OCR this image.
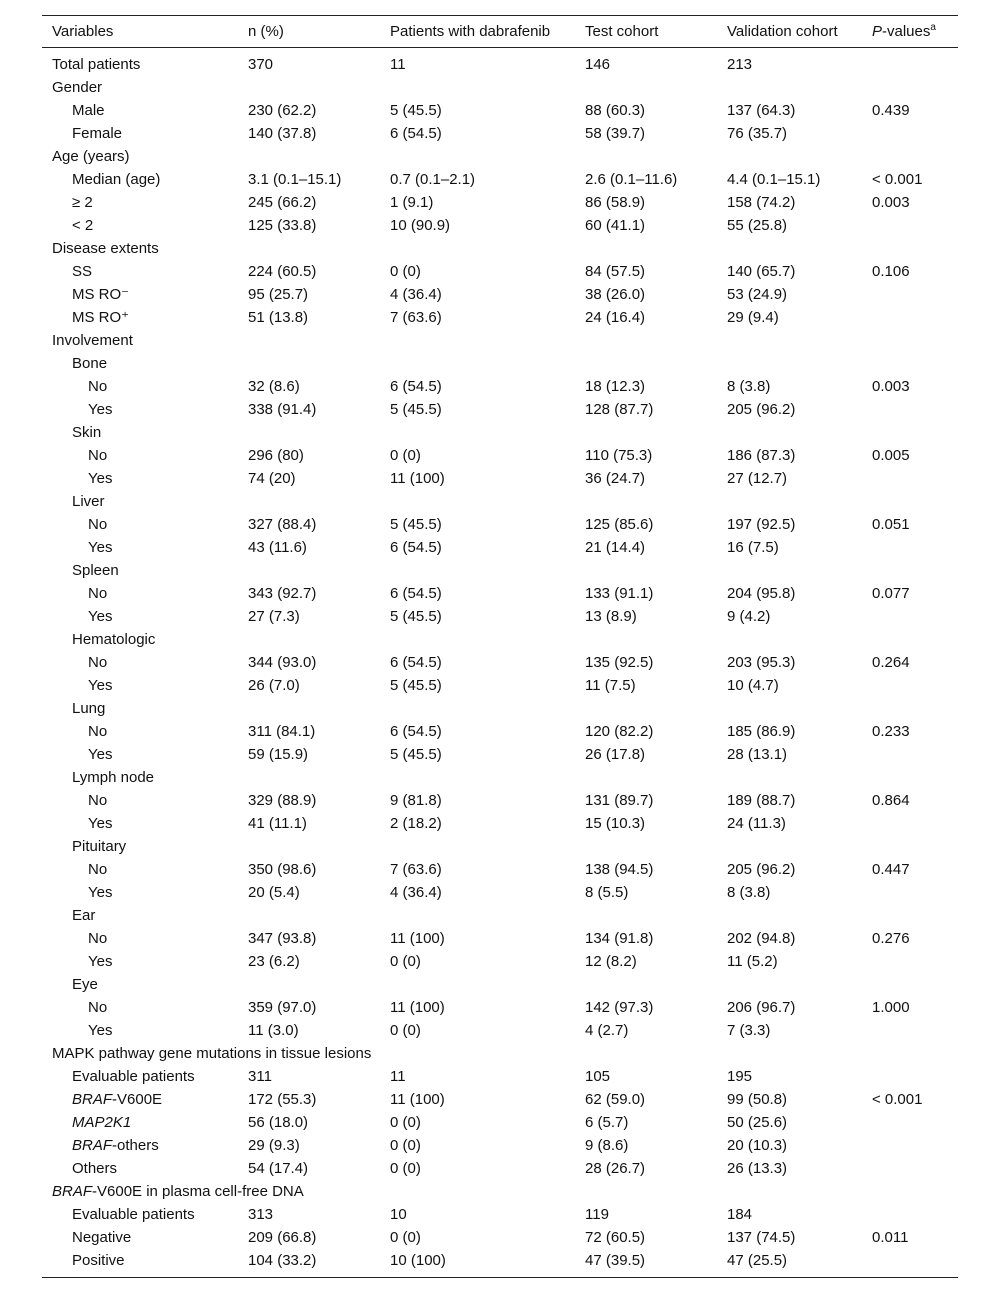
Variables	n (%)	Patients with dabrafenib	Test cohort	Validation cohort	P-values$^a$
Total patients	370	11	146	213	
Gender					
Male	230 (62.2)	5 (45.5)	88 (60.3)	137 (64.3)	0.439
Female	140 (37.8)	6 (54.5)	58 (39.7)	76 (35.7)	
Age (years)					
Median (age)	3.1 (0.1–15.1)	0.7 (0.1–2.1)	2.6 (0.1–11.6)	4.4 (0.1–15.1)	< 0.001
≥ 2	245 (66.2)	1 (9.1)	86 (58.9)	158 (74.2)	0.003
< 2	125 (33.8)	10 (90.9)	60 (41.1)	55 (25.8)	
Disease extents					
SS	224 (60.5)	0 (0)	84 (57.5)	140 (65.7)	0.106
MS RO⁻	95 (25.7)	4 (36.4)	38 (26.0)	53 (24.9)	
MS RO⁺	51 (13.8)	7 (63.6)	24 (16.4)	29 (9.4)	
Involvement					
Bone					
No	32 (8.6)	6 (54.5)	18 (12.3)	8 (3.8)	0.003
Yes	338 (91.4)	5 (45.5)	128 (87.7)	205 (96.2)	
Skin					
No	296 (80)	0 (0)	110 (75.3)	186 (87.3)	0.005
Yes	74 (20)	11 (100)	36 (24.7)	27 (12.7)	
Liver					
No	327 (88.4)	5 (45.5)	125 (85.6)	197 (92.5)	0.051
Yes	43 (11.6)	6 (54.5)	21 (14.4)	16 (7.5)	
Spleen					
No	343 (92.7)	6 (54.5)	133 (91.1)	204 (95.8)	0.077
Yes	27 (7.3)	5 (45.5)	13 (8.9)	9 (4.2)	
Hematologic					
No	344 (93.0)	6 (54.5)	135 (92.5)	203 (95.3)	0.264
Yes	26 (7.0)	5 (45.5)	11 (7.5)	10 (4.7)	
Lung					
No	311 (84.1)	6 (54.5)	120 (82.2)	185 (86.9)	0.233
Yes	59 (15.9)	5 (45.5)	26 (17.8)	28 (13.1)	
Lymph node					
No	329 (88.9)	9 (81.8)	131 (89.7)	189 (88.7)	0.864
Yes	41 (11.1)	2 (18.2)	15 (10.3)	24 (11.3)	
Pituitary					
No	350 (98.6)	7 (63.6)	138 (94.5)	205 (96.2)	0.447
Yes	20 (5.4)	4 (36.4)	8 (5.5)	8 (3.8)	
Ear					
No	347 (93.8)	11 (100)	134 (91.8)	202 (94.8)	0.276
Yes	23 (6.2)	0 (0)	12 (8.2)	11 (5.2)	
Eye					
No	359 (97.0)	11 (100)	142 (97.3)	206 (96.7)	1.000
Yes	11 (3.0)	0 (0)	4 (2.7)	7 (3.3)	
MAPK pathway gene mutations in tissue lesions					
Evaluable patients	311	11	105	195	
BRAF-V600E	172 (55.3)	11 (100)	62 (59.0)	99 (50.8)	< 0.001
MAP2K1	56 (18.0)	0 (0)	6 (5.7)	50 (25.6)	
BRAF-others	29 (9.3)	0 (0)	9 (8.6)	20 (10.3)	
Others	54 (17.4)	0 (0)	28 (26.7)	26 (13.3)	
BRAF-V600E in plasma cell-free DNA					
Evaluable patients	313	10	119	184	
Negative	209 (66.8)	0 (0)	72 (60.5)	137 (74.5)	0.011
Positive	104 (33.2)	10 (100)	47 (39.5)	47 (25.5)	
